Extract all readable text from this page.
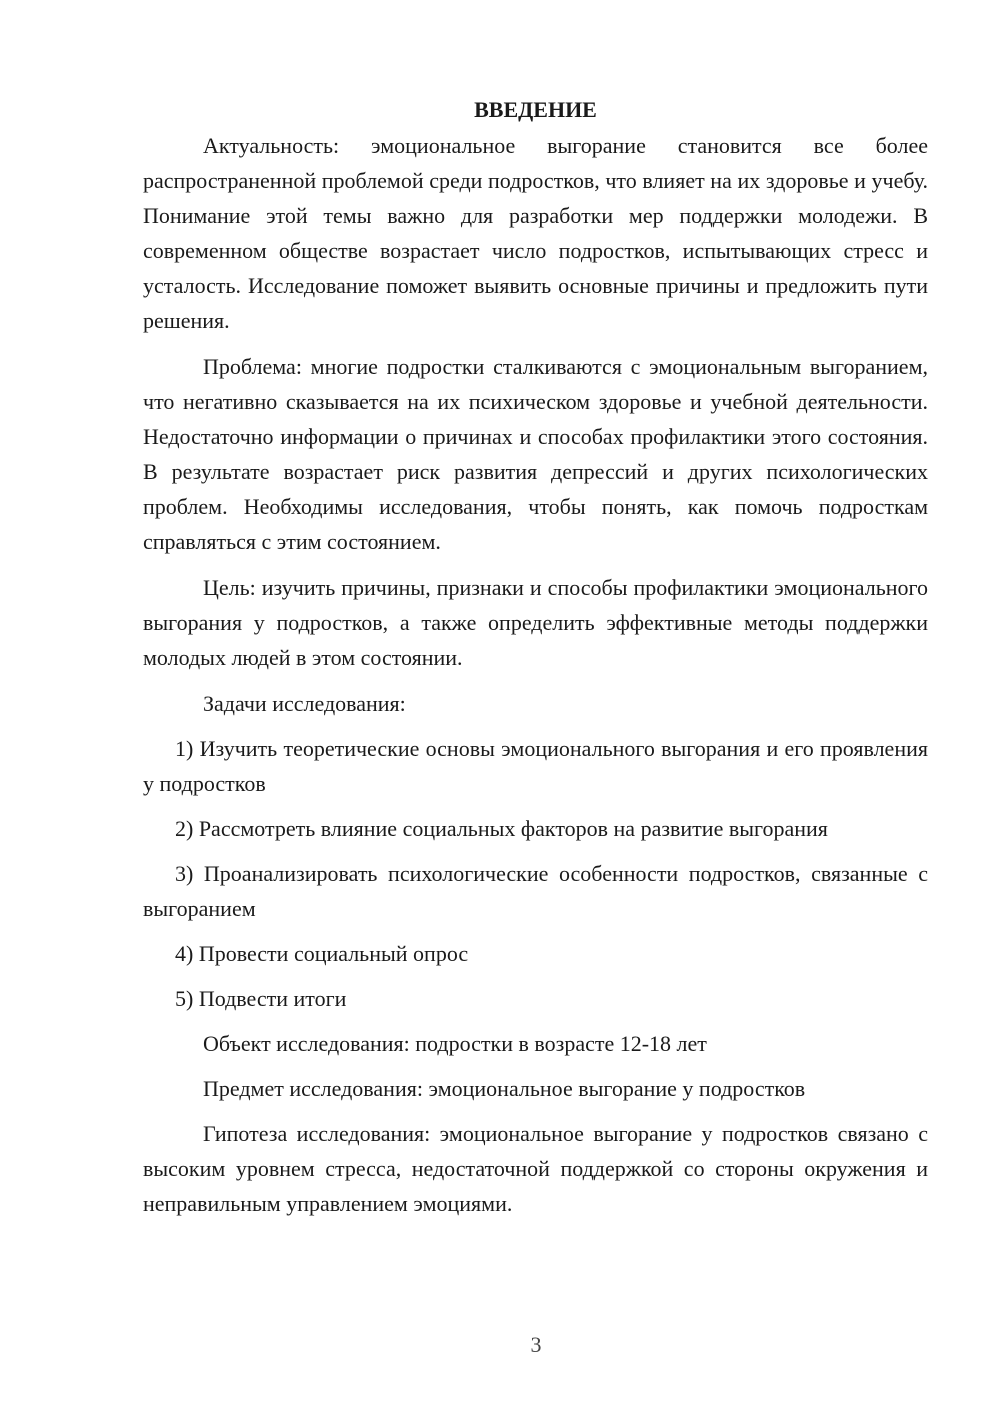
ВВЕДЕНИЕ

Актуальность: эмоциональное выгорание становится все более распространенной проблемой среди подростков, что влияет на их здоровье и учебу. Понимание этой темы важно для разработки мер поддержки молодежи. В современном обществе возрастает число подростков, испытывающих стресс и усталость. Исследование поможет выявить основные причины и предложить пути решения.

Проблема: многие подростки сталкиваются с эмоциональным выгоранием, что негативно сказывается на их психическом здоровье и учебной деятельности. Недостаточно информации о причинах и способах профилактики этого состояния. В результате возрастает риск развития депрессий и других психологических проблем. Необходимы исследования, чтобы понять, как помочь подросткам справляться с этим состоянием.

Цель: изучить причины, признаки и способы профилактики эмоционального выгорания у подростков, а также определить эффективные методы поддержки молодых людей в этом состоянии.

Задачи исследования:

1) Изучить теоретические основы эмоционального выгорания и его проявления у подростков

2) Рассмотреть влияние социальных факторов на развитие выгорания

3) Проанализировать психологические особенности подростков, связанные с выгоранием

4) Провести социальный опрос

5) Подвести итоги

Объект исследования: подростки в возрасте 12-18 лет

Предмет исследования: эмоциональное выгорание у подростков

Гипотеза исследования: эмоциональное выгорание у подростков связано с высоким уровнем стресса, недостаточной поддержкой со стороны окружения и неправильным управлением эмоциями.

3
